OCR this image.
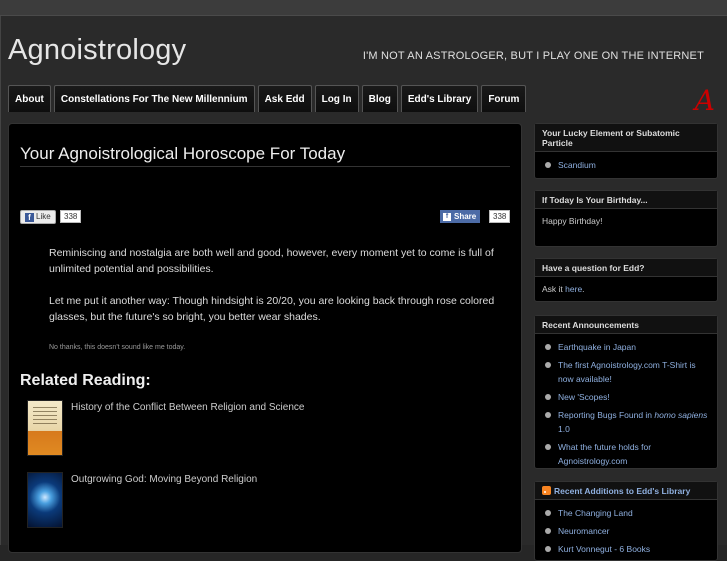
Agnoistrology	I'M NOT AN ASTROLOGER, BUT I PLAY ONE ON THE INTERNET
About	Constellations For The New Millennium	Ask Edd	Log In	Blog	Edd's Library	Forum	A
Your Agnoistrological Horoscope For Today
f Like	338	f Share	338
Reminiscing and nostalgia are both well and good, however, every moment yet to come is full of unlimited potential and possibilities.
Let me put it another way: Though hindsight is 20/20, you are looking back through rose colored glasses, but the future's so bright, you better wear shades.
No thanks, this doesn't sound like me today.
Related Reading:
History of the Conflict Between Religion and Science
Outgrowing God: Moving Beyond Religion
Your Lucky Element or Subatomic Particle
Scandium
If Today Is Your Birthday...
Happy Birthday!
Have a question for Edd?
Ask it here.
Recent Announcements
Earthquake in Japan
The first Agnoistrology.com T-Shirt is now available!
New 'Scopes!
Reporting Bugs Found in homo sapiens 1.0
What the future holds for Agnoistrology.com
Recent Additions to Edd's Library
The Changing Land
Neuromancer
Kurt Vonnegut - 6 Books
